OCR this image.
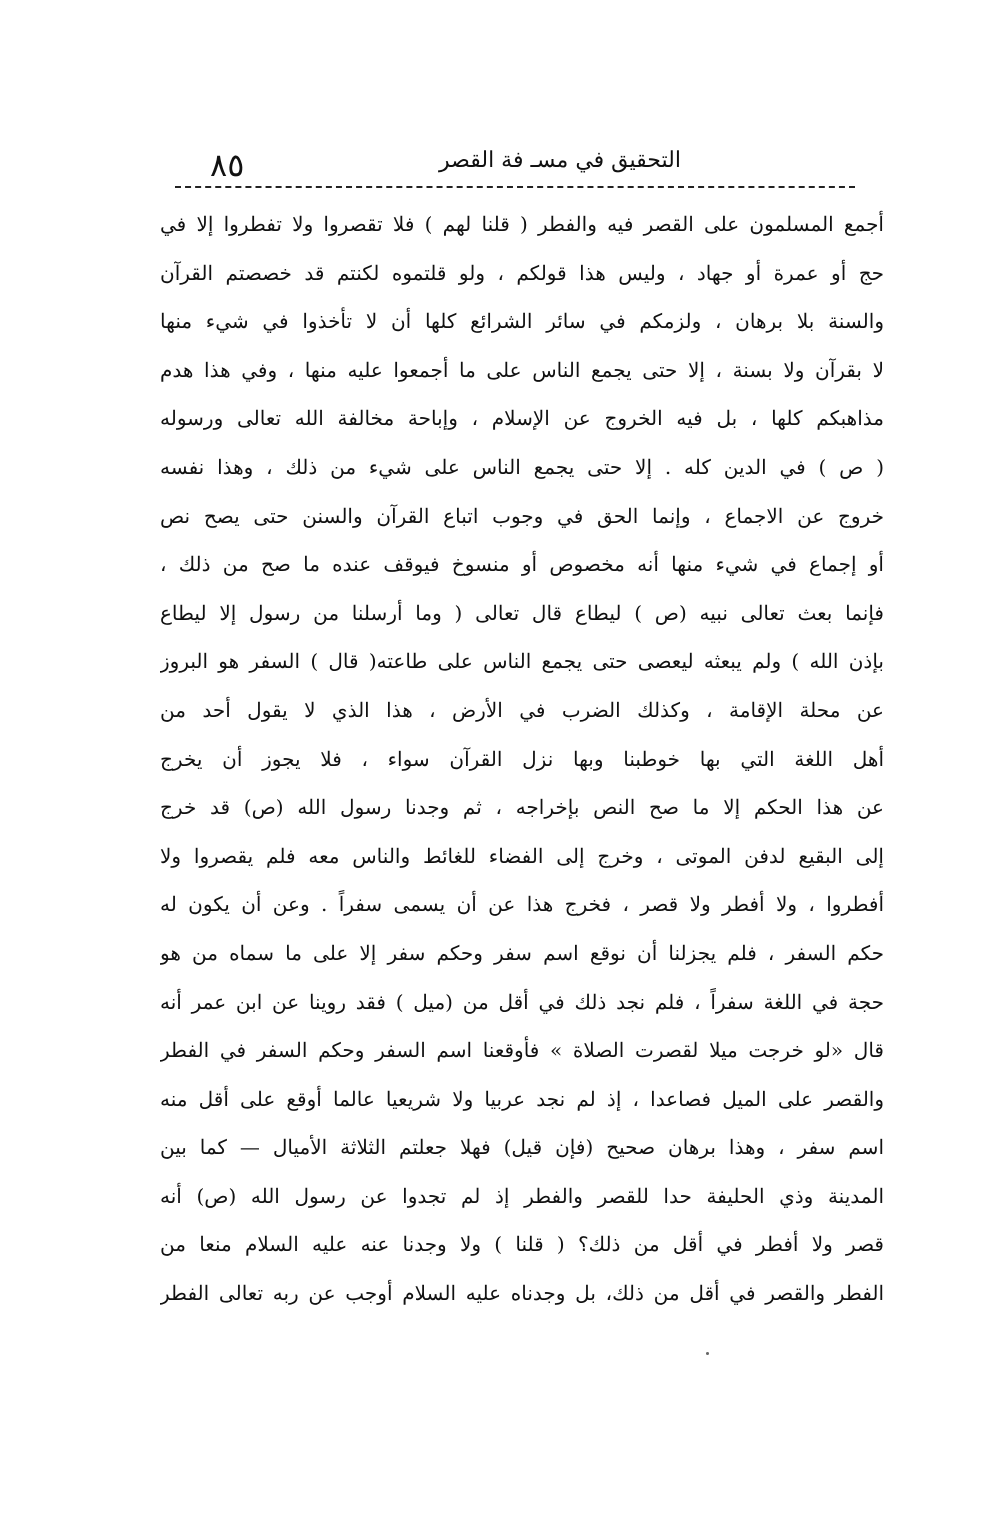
٨٥	التحقيق في مسـ فة القصر
أجمع المسلمون على القصر فيه والفطر ( قلنا لهم ) فلا تقصروا ولا تفطروا إلا في
حج أو عمرة أو جهاد ، وليس هذا قولكم ، ولو قلتموه لكنتم قد خصصتم القرآن
والسنة بلا برهان ، ولزمكم في سائر الشرائع كلها أن لا تأخذوا في شيء منها
لا بقرآن ولا بسنة ، إلا حتى يجمع الناس على ما أجمعوا عليه منها ، وفي هذا هدم
مذاهبكم كلها ، بل فيه الخروج عن الإسلام ، وإباحة مخالفة الله تعالى ورسوله
( ص ) في الدين كله . إلا حتى يجمع الناس على شيء من ذلك ، وهذا نفسه
خروج عن الاجماع ، وإنما الحق في وجوب اتباع القرآن والسنن حتى يصح نص
أو إجماع في شيء منها أنه مخصوص أو منسوخ فيوقف عنده ما صح من ذلك ،
فإنما بعث تعالى نبيه (ص ) ليطاع قال تعالى ( وما أرسلنا من رسول إلا ليطاع
بإذن الله ) ولم يبعثه ليعصى حتى يجمع الناس على طاعته( قال ) السفر هو البروز
عن محلة الإقامة ، وكذلك الضرب في الأرض ، هذا الذي لا يقول أحد من
أهل اللغة التي بها خوطبنا وبها نزل القرآن سواء ، فلا يجوز أن يخرج
عن هذا الحكم إلا ما صح النص بإخراجه ، ثم وجدنا رسول الله (ص) قد خرج
إلى البقيع لدفن الموتى ، وخرج إلى الفضاء للغائط والناس معه فلم يقصروا ولا
أفطروا ، ولا أفطر ولا قصر ، فخرج هذا عن أن يسمى سفراً . وعن أن يكون له
حكم السفر ، فلم يجزلنا أن نوقع اسم سفر وحكم سفر إلا على ما سماه من هو
حجة في اللغة سفراً ، فلم نجد ذلك في أقل من (ميل ) فقد روينا عن ابن عمر أنه
قال «لو خرجت ميلا لقصرت الصلاة » فأوقعنا اسم السفر وحكم السفر في الفطر
والقصر على الميل فصاعدا ، إذ لم نجد عربيا ولا شريعيا عالما أوقع على أقل منه
اسم سفر ، وهذا برهان صحيح (فإن قيل) فهلا جعلتم الثلاثة الأميال — كما بين
المدينة وذي الحليفة حدا للقصر والفطر إذ لم تجدوا عن رسول الله (ص) أنه
قصر ولا أفطر في أقل من ذلك؟ ( قلنا ) ولا وجدنا عنه عليه السلام منعا من
الفطر والقصر في أقل من ذلك، بل وجدناه عليه السلام أوجب عن ربه تعالى الفطر
